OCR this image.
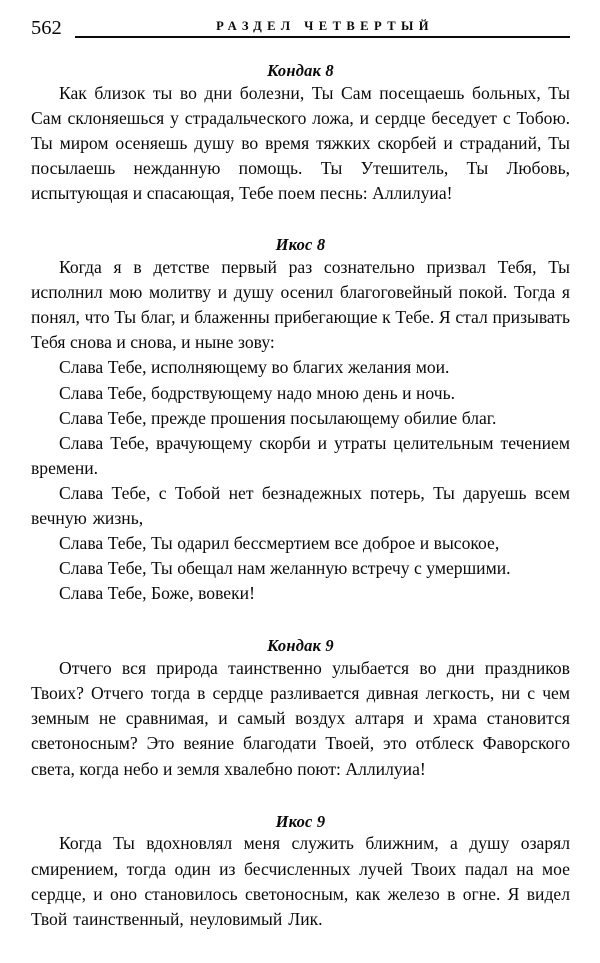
562	РАЗДЕЛ ЧЕТВЕРТЫЙ
Кондак 8

Как близок ты во дни болезни, Ты Сам посещаешь больных, Ты Сам склоняешься у страдальческого ложа, и сердце беседует с Тобою. Ты миром осеняешь душу во время тяжких скорбей и страданий, Ты посылаешь нежданную помощь. Ты Утешитель, Ты Любовь, испытующая и спасающая, Тебе поем песнь: Аллилуиа!

Икос 8

Когда я в детстве первый раз сознательно призвал Тебя, Ты исполнил мою молитву и душу осенил благоговейный покой. Тогда я понял, что Ты благ, и блаженны прибегающие к Тебе. Я стал призывать Тебя снова и снова, и ныне зову:

Слава Тебе, исполняющему во благих желания мои.

Слава Тебе, бодрствующему надо мною день и ночь.

Слава Тебе, прежде прошения посылающему обилие благ.

Слава Тебе, врачующему скорби и утраты целительным течением времени.

Слава Тебе, с Тобой нет безнадежных потерь, Ты даруешь всем вечную жизнь,

Слава Тебе, Ты одарил бессмертием все доброе и высокое,

Слава Тебе, Ты обещал нам желанную встречу с умершими.

Слава Тебе, Боже, вовеки!

Кондак 9

Отчего вся природа таинственно улыбается во дни праздников Твоих? Отчего тогда в сердце разливается дивная легкость, ни с чем земным не сравнимая, и самый воздух алтаря и храма становится светоносным? Это веяние благодати Твоей, это отблеск Фаворского света, когда небо и земля хвалебно поют: Аллилуиа!

Икос 9

Когда Ты вдохновлял меня служить ближним, а душу озарял смирением, тогда один из бесчисленных лучей Твоих падал на мое сердце, и оно становилось светоносным, как железо в огне. Я видел Твой таинственный, неуловимый Лик.
